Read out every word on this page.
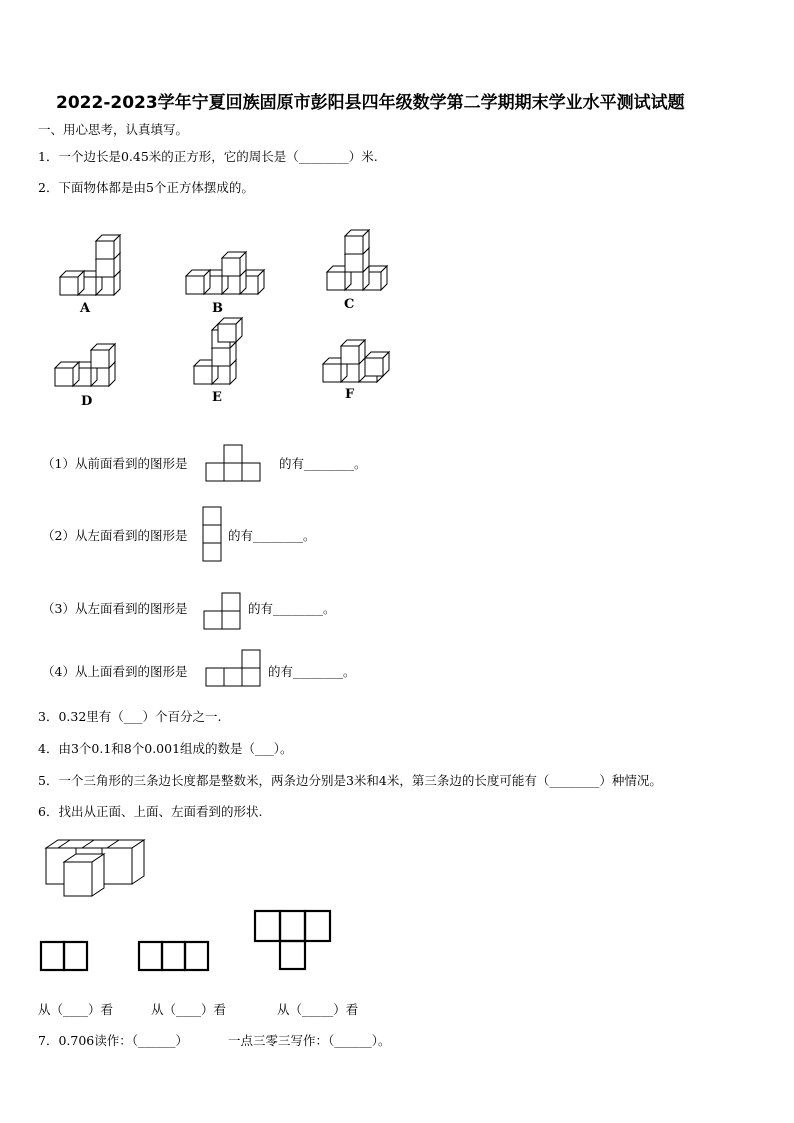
2022-2023学年宁夏回族固原市彭阳县四年级数学第二学期期末学业水平测试试题
一、用心思考，认真填写。
1．一个边长是0.45米的正方形，它的周长是（________）米.
2．下面物体都是由5个正方体摆成的。
A	B	C
D	E	F
（1）从前面看到的图形是	的有________。
（2）从左面看到的图形是	的有________。
（3）从左面看到的图形是	的有________。
（4）从上面看到的图形是	的有________。
3．0.32里有（___）个百分之一.
4．由3个0.1和8个0.001组成的数是（___）。
5．一个三角形的三条边长度都是整数米，两条边分别是3米和4米，第三条边的长度可能有（________）种情况。
6．找出从正面、上面、左面看到的形状.
从（____）看	从（____）看	从（_____）看
7．0.706读作：（______）	一点三零三写作：（______）。
